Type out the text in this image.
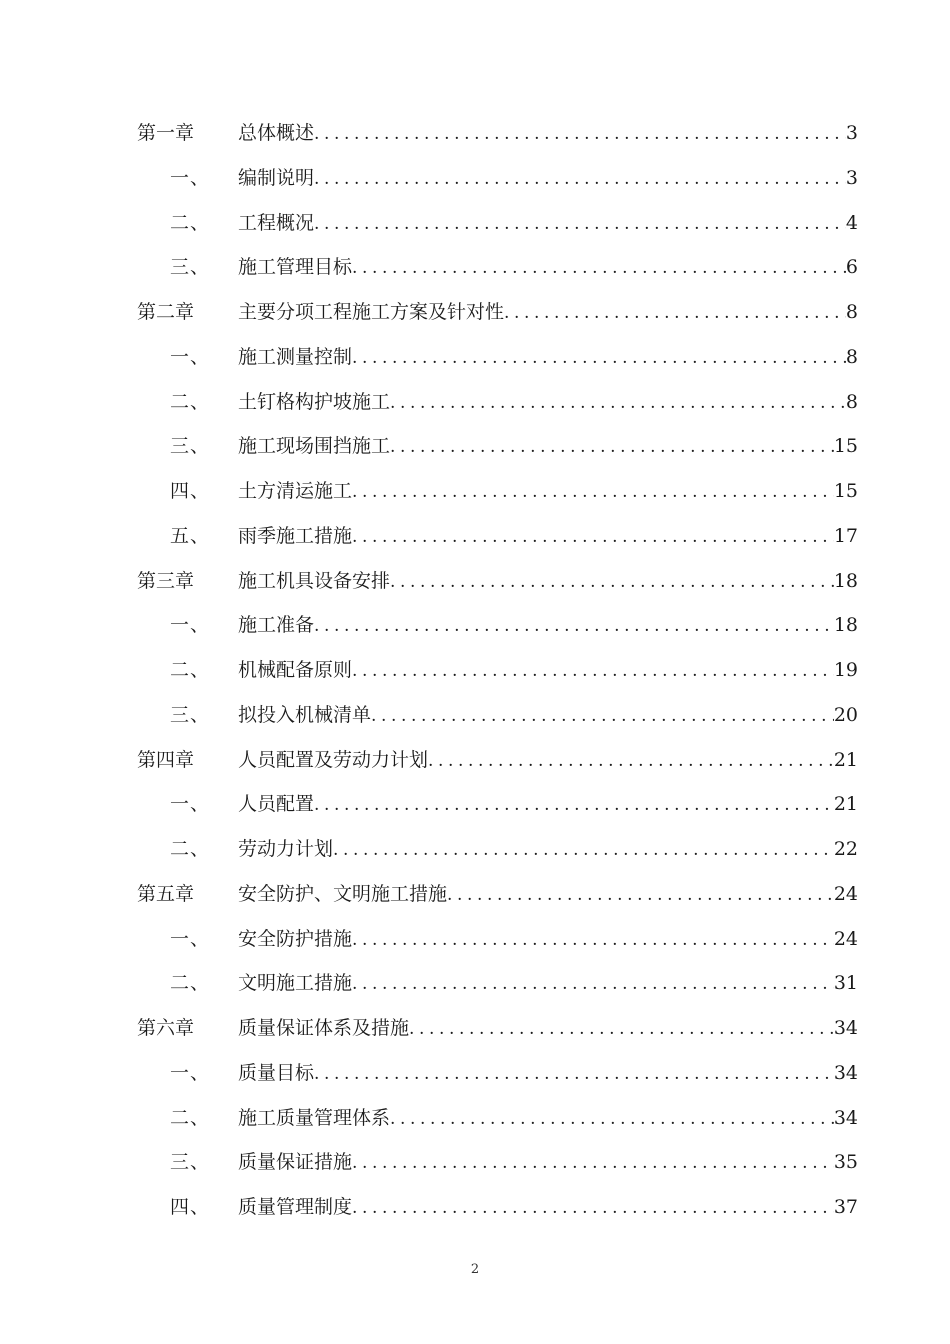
第一章 总体概述 .....	3
一、 编制说明 .....	3
二、 工程概况 .....	4
三、 施工管理目标 .....	6
第二章 主要分项工程施工方案及针对性 .....	8
一、 施工测量控制 .....	8
二、 土钉格构护坡施工 .....	8
三、 施工现场围挡施工 .....	15
四、 土方清运施工 .....	15
五、 雨季施工措施 .....	17
第三章 施工机具设备安排 .....	18
一、 施工准备 .....	18
二、 机械配备原则 .....	19
三、 拟投入机械清单 .....	20
第四章 人员配置及劳动力计划 .....	21
一、 人员配置 .....	21
二、 劳动力计划 .....	22
第五章 安全防护、文明施工措施 .....	24
一、 安全防护措施 .....	24
二、 文明施工措施 .....	31
第六章 质量保证体系及措施 .....	34
一、 质量目标 .....	34
二、 施工质量管理体系 .....	34
三、 质量保证措施 .....	35
四、 质量管理制度 .....	37
2
